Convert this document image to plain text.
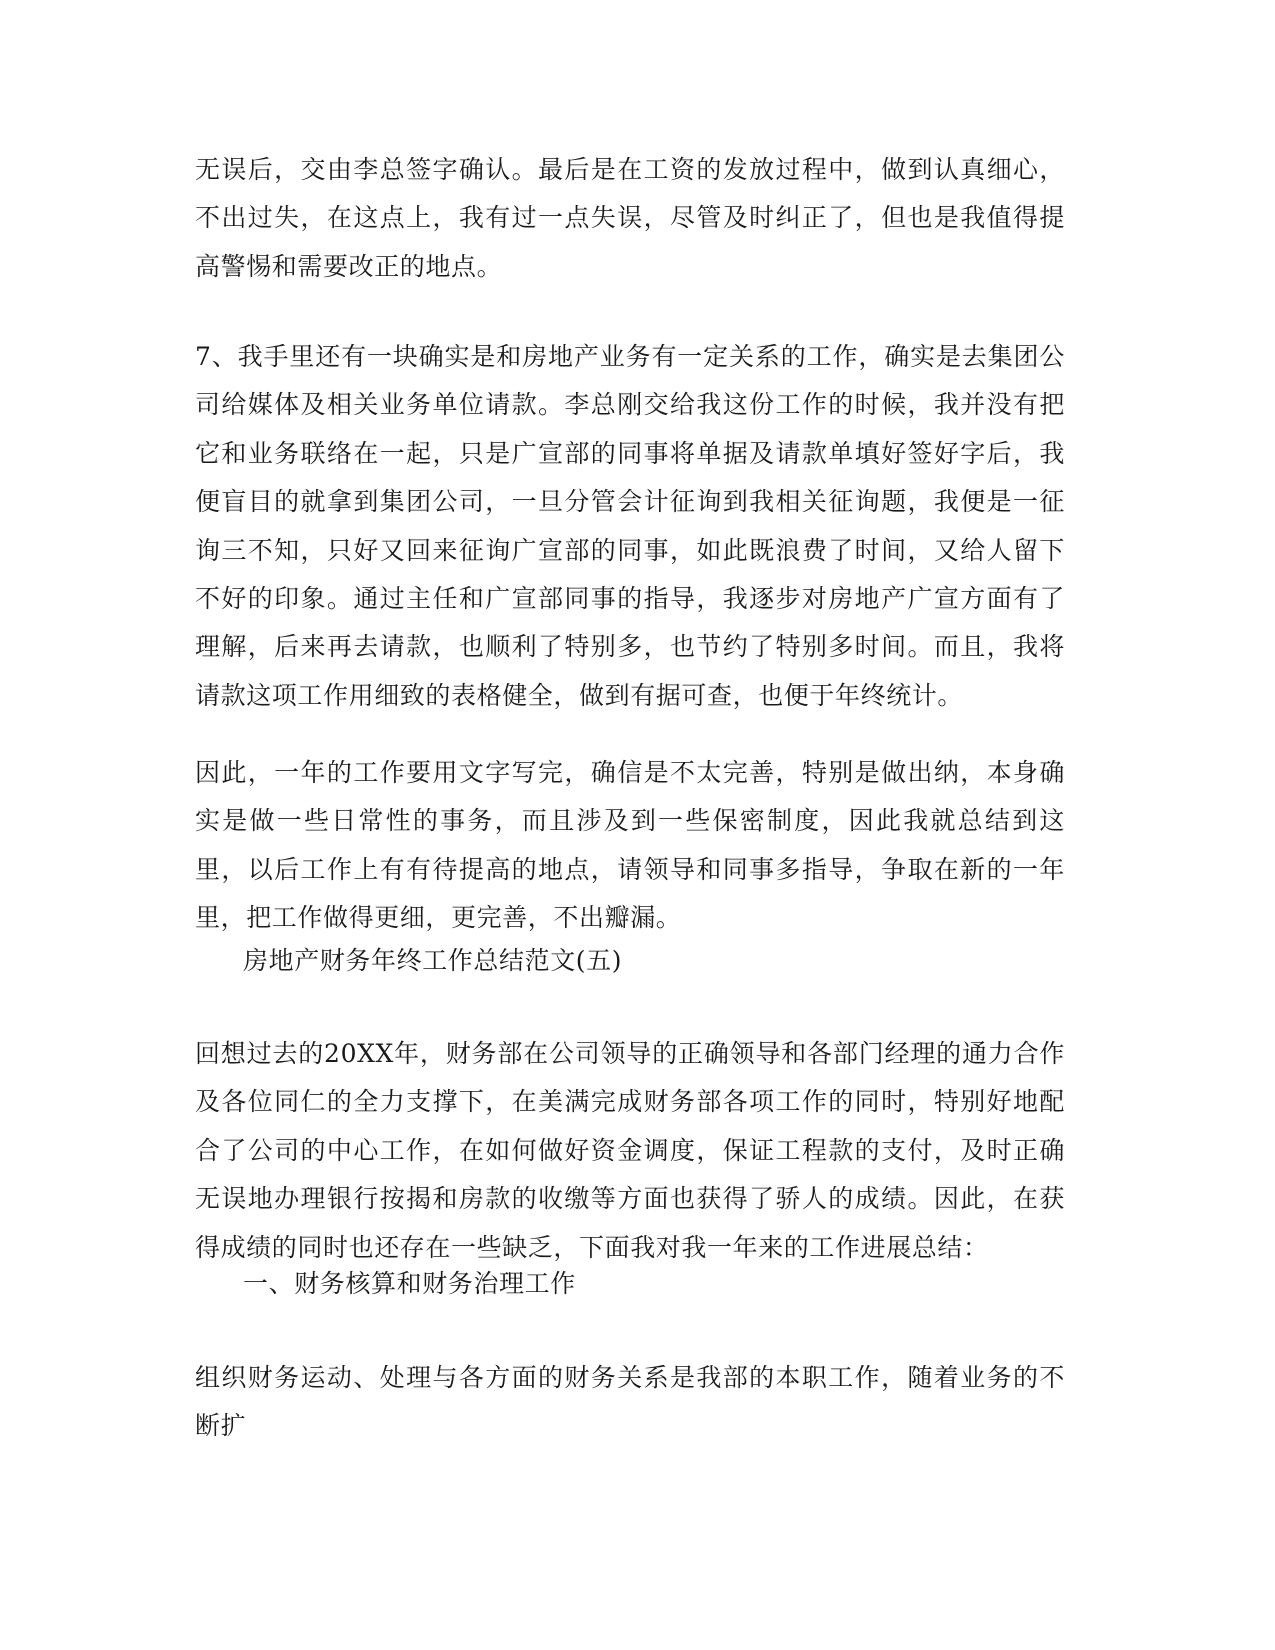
无误后，交由李总签字确认。最后是在工资的发放过程中，做到认真细心，不出过失，在这点上，我有过一点失误，尽管及时纠正了，但也是我值得提高警惕和需要改正的地点。

7、我手里还有一块确实是和房地产业务有一定关系的工作，确实是去集团公司给媒体及相关业务单位请款。李总刚交给我这份工作的时候，我并没有把它和业务联络在一起，只是广宣部的同事将单据及请款单填好签好字后，我便盲目的就拿到集团公司，一旦分管会计征询到我相关征询题，我便是一征询三不知，只好又回来征询广宣部的同事，如此既浪费了时间，又给人留下不好的印象。通过主任和广宣部同事的指导，我逐步对房地产广宣方面有了理解，后来再去请款，也顺利了特别多，也节约了特别多时间。而且，我将请款这项工作用细致的表格健全，做到有据可查，也便于年终统计。

因此，一年的工作要用文字写完，确信是不太完善，特别是做出纳，本身确实是做一些日常性的事务，而且涉及到一些保密制度，因此我就总结到这里，以后工作上有有待提高的地点，请领导和同事多指导，争取在新的一年里，把工作做得更细，更完善，不出瓣漏。

房地产财务年终工作总结范文(五)

回想过去的20XX年，财务部在公司领导的正确领导和各部门经理的通力合作及各位同仁的全力支撑下，在美满完成财务部各项工作的同时，特别好地配合了公司的中心工作，在如何做好资金调度，保证工程款的支付，及时正确无误地办理银行按揭和房款的收缴等方面也获得了骄人的成绩。因此，在获得成绩的同时也还存在一些缺乏，下面我对我一年来的工作进展总结：

一、财务核算和财务治理工作

组织财务运动、处理与各方面的财务关系是我部的本职工作，随着业务的不断扩
